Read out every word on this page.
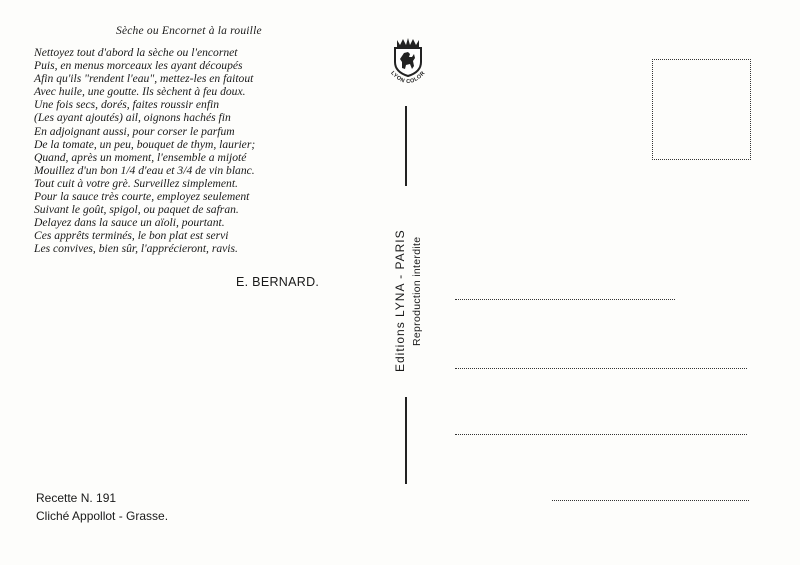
Sèche ou Encornet à la rouille
Nettoyez tout d'abord la sèche ou l'encornet
Puis, en menus morceaux les ayant découpés
Afin qu'ils "rendent l'eau", mettez-les en faitout
Avec huile, une goutte. Ils sèchent à feu doux.
Une fois secs, dorés, faites roussir enfin
(Les ayant ajoutés) ail, oignons hachés fin
En adjoignant aussi, pour corser le parfum
De la tomate, un peu, bouquet de thym, laurier;
Quand, après un moment, l'ensemble a mijoté
Mouillez d'un bon 1/4 d'eau et 3/4 de vin blanc.
Tout cuit à votre grè. Surveillez simplement.
Pour la sauce très courte, employez seulement
Suivant le goût, spigol, ou paquet de safran.
Delayez dans la sauce un aïoli, pourtant.
Ces apprêts terminés, le bon plat est servi
Les convives, bien sûr, l'apprécieront, ravis.
E. BERNARD.
Recette N. 191
Cliché Appollot - Grasse.
LYON COLOR
Editions LYNA - PARIS Reproduction interdite
